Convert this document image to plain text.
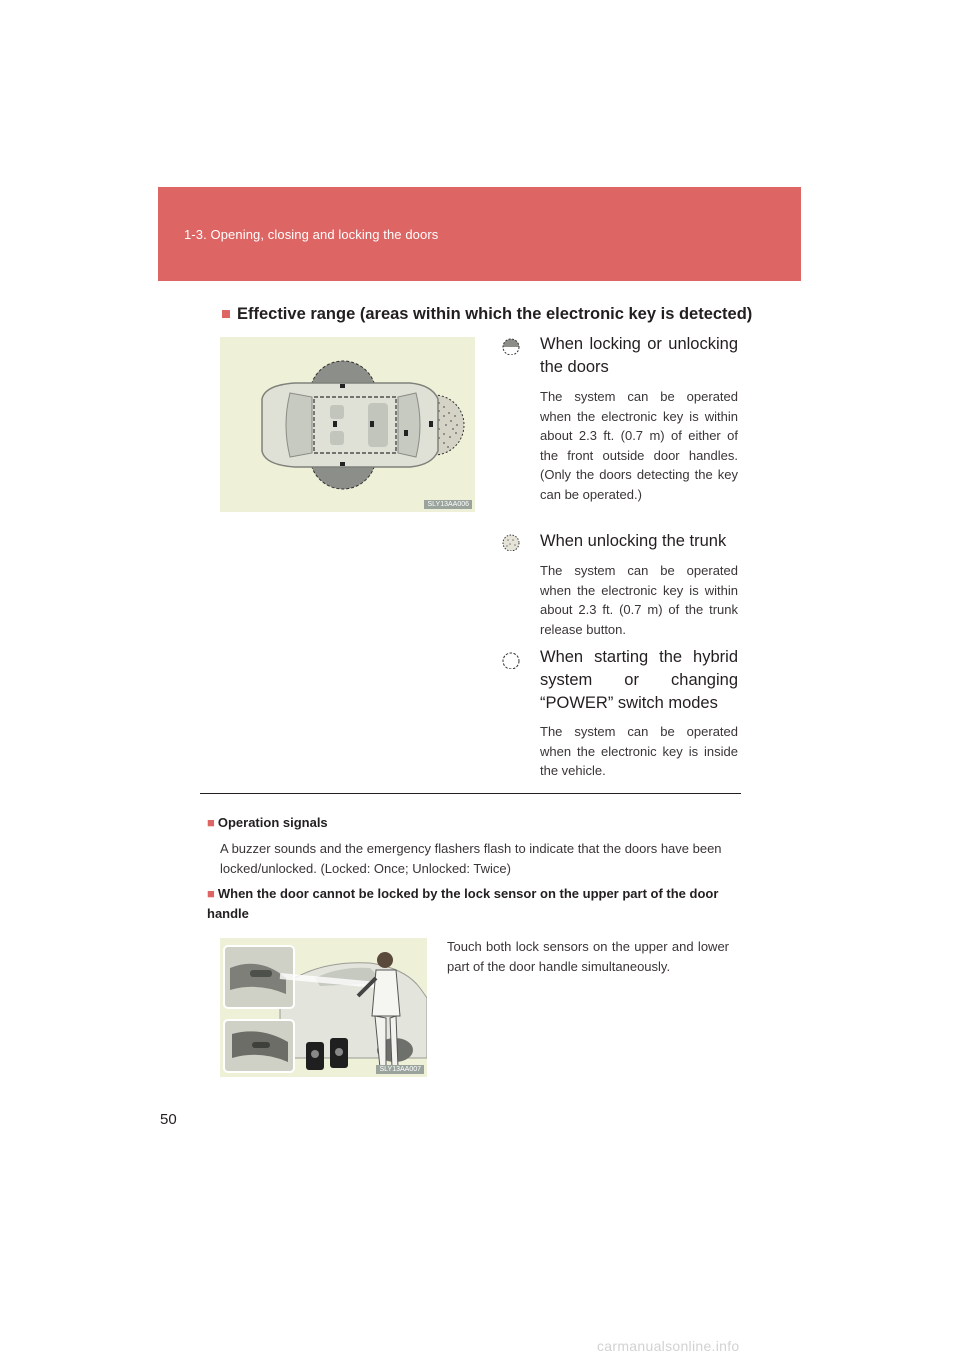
1-3. Opening, closing and locking the doors
■ Effective range (areas within which the electronic key is detected)
SLY13AA006
When locking or unlocking the doors
The system can be operated when the electronic key is within about 2.3 ft. (0.7 m) of either of the front outside door handles. (Only the doors detecting the key can be operated.)
When unlocking the trunk
The system can be operated when the electronic key is within about 2.3 ft. (0.7 m) of the trunk release button.
When starting the hybrid system or changing “POWER” switch modes
The system can be operated when the electronic key is inside the vehicle.
■ Operation signals
A buzzer sounds and the emergency flashers flash to indicate that the doors have been locked/unlocked. (Locked: Once; Unlocked: Twice)
■ When the door cannot be locked by the lock sensor on the upper part of the door handle
SLY13AA007
Touch both lock sensors on the upper and lower part of the door handle simultaneously.
50
carmanualsonline.info
